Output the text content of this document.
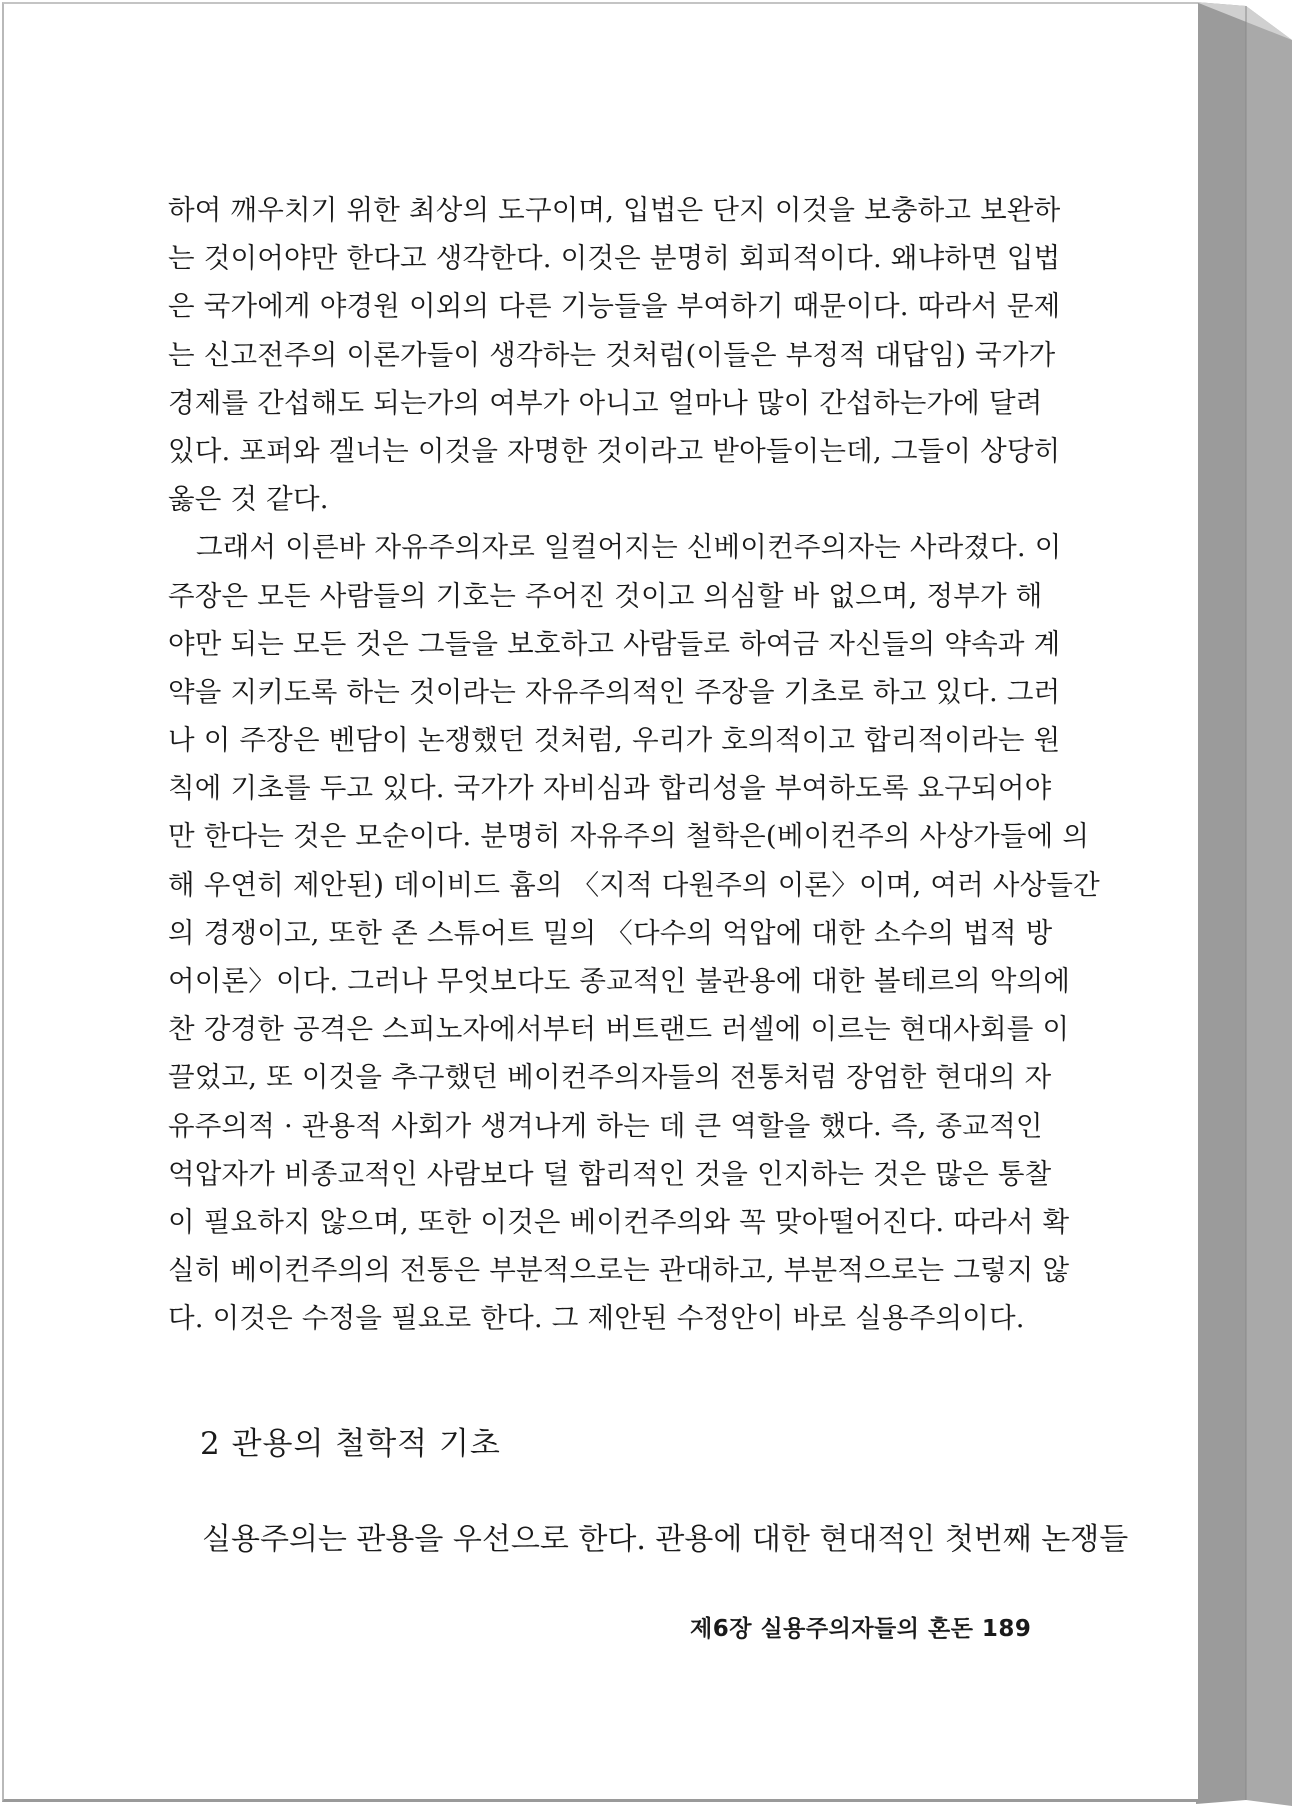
하여 깨우치기 위한 최상의 도구이며, 입법은 단지 이것을 보충하고 보완하
는 것이어야만 한다고 생각한다. 이것은 분명히 회피적이다. 왜냐하면 입법
은 국가에게 야경원 이외의 다른 기능들을 부여하기 때문이다. 따라서 문제
는 신고전주의 이론가들이 생각하는 것처럼(이들은 부정적 대답임) 국가가
경제를 간섭해도 되는가의 여부가 아니고 얼마나 많이 간섭하는가에 달려
있다. 포퍼와 겔너는 이것을 자명한 것이라고 받아들이는데, 그들이 상당히
옳은 것 같다.
그래서 이른바 자유주의자로 일컬어지는 신베이컨주의자는 사라졌다. 이
주장은 모든 사람들의 기호는 주어진 것이고 의심할 바 없으며, 정부가 해
야만 되는 모든 것은 그들을 보호하고 사람들로 하여금 자신들의 약속과 계
약을 지키도록 하는 것이라는 자유주의적인 주장을 기초로 하고 있다. 그러
나 이 주장은 벤담이 논쟁했던 것처럼, 우리가 호의적이고 합리적이라는 원
칙에 기초를 두고 있다. 국가가 자비심과 합리성을 부여하도록 요구되어야
만 한다는 것은 모순이다. 분명히 자유주의 철학은(베이컨주의 사상가들에 의
해 우연히 제안된) 데이비드 흄의 〈지적 다원주의 이론〉이며, 여러 사상들간
의 경쟁이고, 또한 존 스튜어트 밀의 〈다수의 억압에 대한 소수의 법적 방
어이론〉이다. 그러나 무엇보다도 종교적인 불관용에 대한 볼테르의 악의에
찬 강경한 공격은 스피노자에서부터 버트랜드 러셀에 이르는 현대사회를 이
끌었고, 또 이것을 추구했던 베이컨주의자들의 전통처럼 장엄한 현대의 자
유주의적 · 관용적 사회가 생겨나게 하는 데 큰 역할을 했다. 즉, 종교적인
억압자가 비종교적인 사람보다 덜 합리적인 것을 인지하는 것은 많은 통찰
이 필요하지 않으며, 또한 이것은 베이컨주의와 꼭 맞아떨어진다. 따라서 확
실히 베이컨주의의 전통은 부분적으로는 관대하고, 부분적으로는 그렇지 않
다. 이것은 수정을 필요로 한다. 그 제안된 수정안이 바로 실용주의이다.
2 관용의 철학적 기초
실용주의는 관용을 우선으로 한다. 관용에 대한 현대적인 첫번째 논쟁들
제6장 실용주의자들의 혼돈 189
